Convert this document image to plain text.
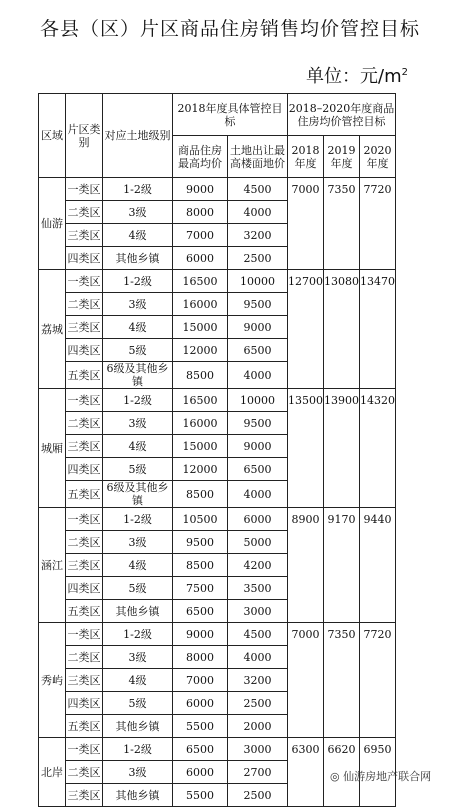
各县（区）片区商品住房销售均价管控目标
单位：元$/m^2$
区域	片区类别	对应土地级别	2018年度具体管控目标		2018–2020年度商品住房均价管控目标		
			商品住房最高均价	土地出让最高楼面地价	2018年度	2019年度	2020年度
仙游	一类区	1-2级	9000	4500	7000	7350	7720
	二类区	3级	8000	4000			
	三类区	4级	7000	3200			
	四类区	其他乡镇	6000	2500			
荔城	一类区	1-2级	16500	10000	12700	13080	13470
	二类区	3级	16000	9500			
	三类区	4级	15000	9000			
	四类区	5级	12000	6500			
	五类区	6级及其他乡镇	8500	4000			
城厢	一类区	1-2级	16500	10000	13500	13900	14320
	二类区	3级	16000	9500			
	三类区	4级	15000	9000			
	四类区	5级	12000	6500			
	五类区	6级及其他乡镇	8500	4000			
涵江	一类区	1-2级	10500	6000	8900	9170	9440
	二类区	3级	9500	5000			
	三类区	4级	8500	4200			
	四类区	5级	7500	3500			
	五类区	其他乡镇	6500	3000			
秀屿	一类区	1-2级	9000	4500	7000	7350	7720
	二类区	3级	8000	4000			
	三类区	4级	7000	3200			
	四类区	5级	6000	2500			
	五类区	其他乡镇	5500	2000			
北岸	一类区	1-2级	6500	3000	6300	6620	6950
	二类区	3级	6000	2700			
	三类区	其他乡镇	5500	2500			
◎ 仙游房地产联合网
